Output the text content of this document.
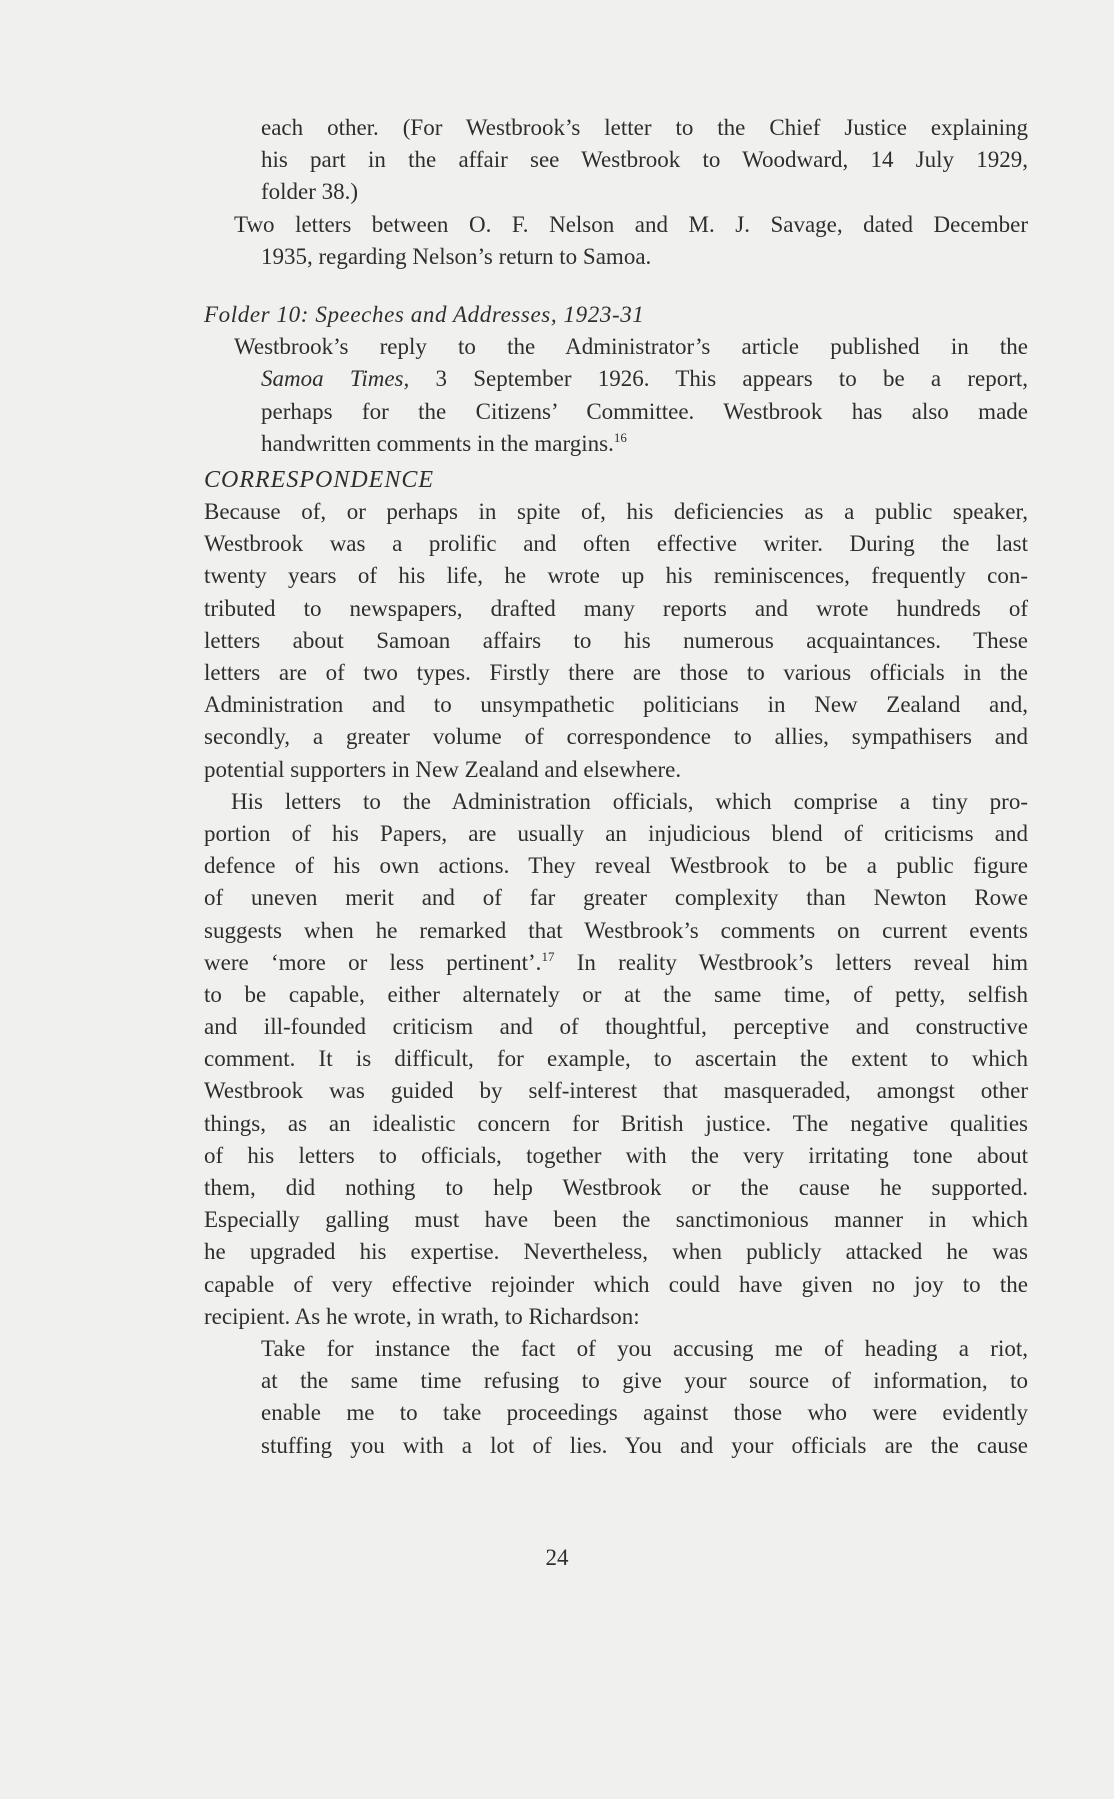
each other. (For Westbrook’s letter to the Chief Justice explaining
his part in the affair see Westbrook to Woodward, 14 July 1929,
folder 38.)
Two letters between O. F. Nelson and M. J. Savage, dated December
1935, regarding Nelson’s return to Samoa.
Folder 10: Speeches and Addresses, 1923-31
Westbrook’s reply to the Administrator’s article published in the
Samoa Times, 3 September 1926. This appears to be a report,
perhaps for the Citizens’ Committee. Westbrook has also made
handwritten comments in the margins.$^{16}$
CORRESPONDENCE
Because of, or perhaps in spite of, his deficiencies as a public speaker,
Westbrook was a prolific and often effective writer. During the last
twenty years of his life, he wrote up his reminiscences, frequently con-
tributed to newspapers, drafted many reports and wrote hundreds of
letters about Samoan affairs to his numerous acquaintances. These
letters are of two types. Firstly there are those to various officials in the
Administration and to unsympathetic politicians in New Zealand and,
secondly, a greater volume of correspondence to allies, sympathisers and
potential supporters in New Zealand and elsewhere.
His letters to the Administration officials, which comprise a tiny pro-
portion of his Papers, are usually an injudicious blend of criticisms and
defence of his own actions. They reveal Westbrook to be a public figure
of uneven merit and of far greater complexity than Newton Rowe
suggests when he remarked that Westbrook’s comments on current events
were ‘more or less pertinent’.$^{17}$ In reality Westbrook’s letters reveal him
to be capable, either alternately or at the same time, of petty, selfish
and ill-founded criticism and of thoughtful, perceptive and constructive
comment. It is difficult, for example, to ascertain the extent to which
Westbrook was guided by self-interest that masqueraded, amongst other
things, as an idealistic concern for British justice. The negative qualities
of his letters to officials, together with the very irritating tone about
them, did nothing to help Westbrook or the cause he supported.
Especially galling must have been the sanctimonious manner in which
he upgraded his expertise. Nevertheless, when publicly attacked he was
capable of very effective rejoinder which could have given no joy to the
recipient. As he wrote, in wrath, to Richardson:
Take for instance the fact of you accusing me of heading a riot,
at the same time refusing to give your source of information, to
enable me to take proceedings against those who were evidently
stuffing you with a lot of lies. You and your officials are the cause
24
